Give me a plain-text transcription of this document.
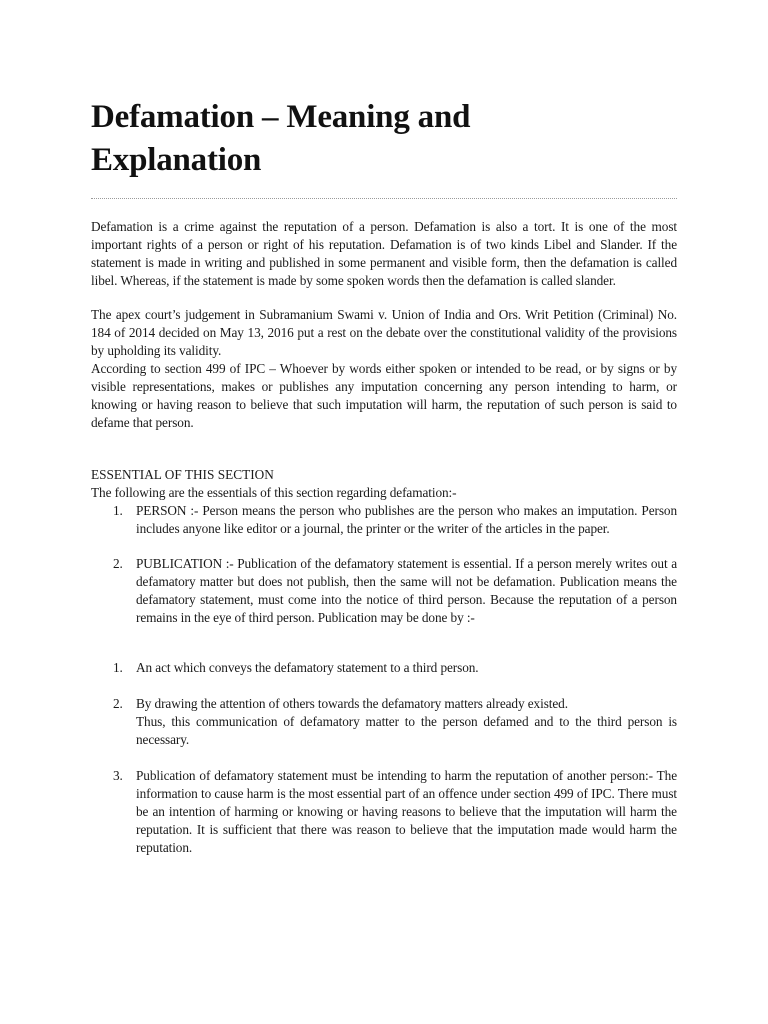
Defamation – Meaning and
Explanation

Defamation is a crime against the reputation of a person. Defamation is also a tort. It is one of the most important rights of a person or right of his reputation. Defamation is of two kinds Libel and Slander. If the statement is made in writing and published in some permanent and visible form, then the defamation is called libel. Whereas, if the statement is made by some spoken words then the defamation is called slander.

The apex court’s judgement in Subramanium Swami v. Union of India and Ors. Writ Petition (Criminal) No. 184 of 2014 decided on May 13, 2016 put a rest on the debate over the constitutional validity of the provisions by upholding its validity.

According to section 499 of IPC – Whoever by words either spoken or intended to be read, or by signs or by visible representations, makes or publishes any imputation concerning any person intending to harm, or knowing or having reason to believe that such imputation will harm, the reputation of such person is said to defame that person.

ESSENTIAL OF THIS SECTION
The following are the essentials of this section regarding defamation:-
1. PERSON :- Person means the person who publishes are the person who makes an imputation. Person includes anyone like editor or a journal, the printer or the writer of the articles in the paper.
2. PUBLICATION :- Publication of the defamatory statement is essential. If a person merely writes out a defamatory matter but does not publish, then the same will not be defamation. Publication means the defamatory statement, must come into the notice of third person. Because the reputation of a person remains in the eye of third person. Publication may be done by :-
1. An act which conveys the defamatory statement to a third person.
2. By drawing the attention of others towards the defamatory matters already existed.
Thus, this communication of defamatory matter to the person defamed and to the third person is necessary.
3. Publication of defamatory statement must be intending to harm the reputation of another person:- The information to cause harm is the most essential part of an offence under section 499 of IPC. There must be an intention of harming or knowing or having reasons to believe that the imputation will harm the reputation. It is sufficient that there was reason to believe that the imputation made would harm the reputation.
